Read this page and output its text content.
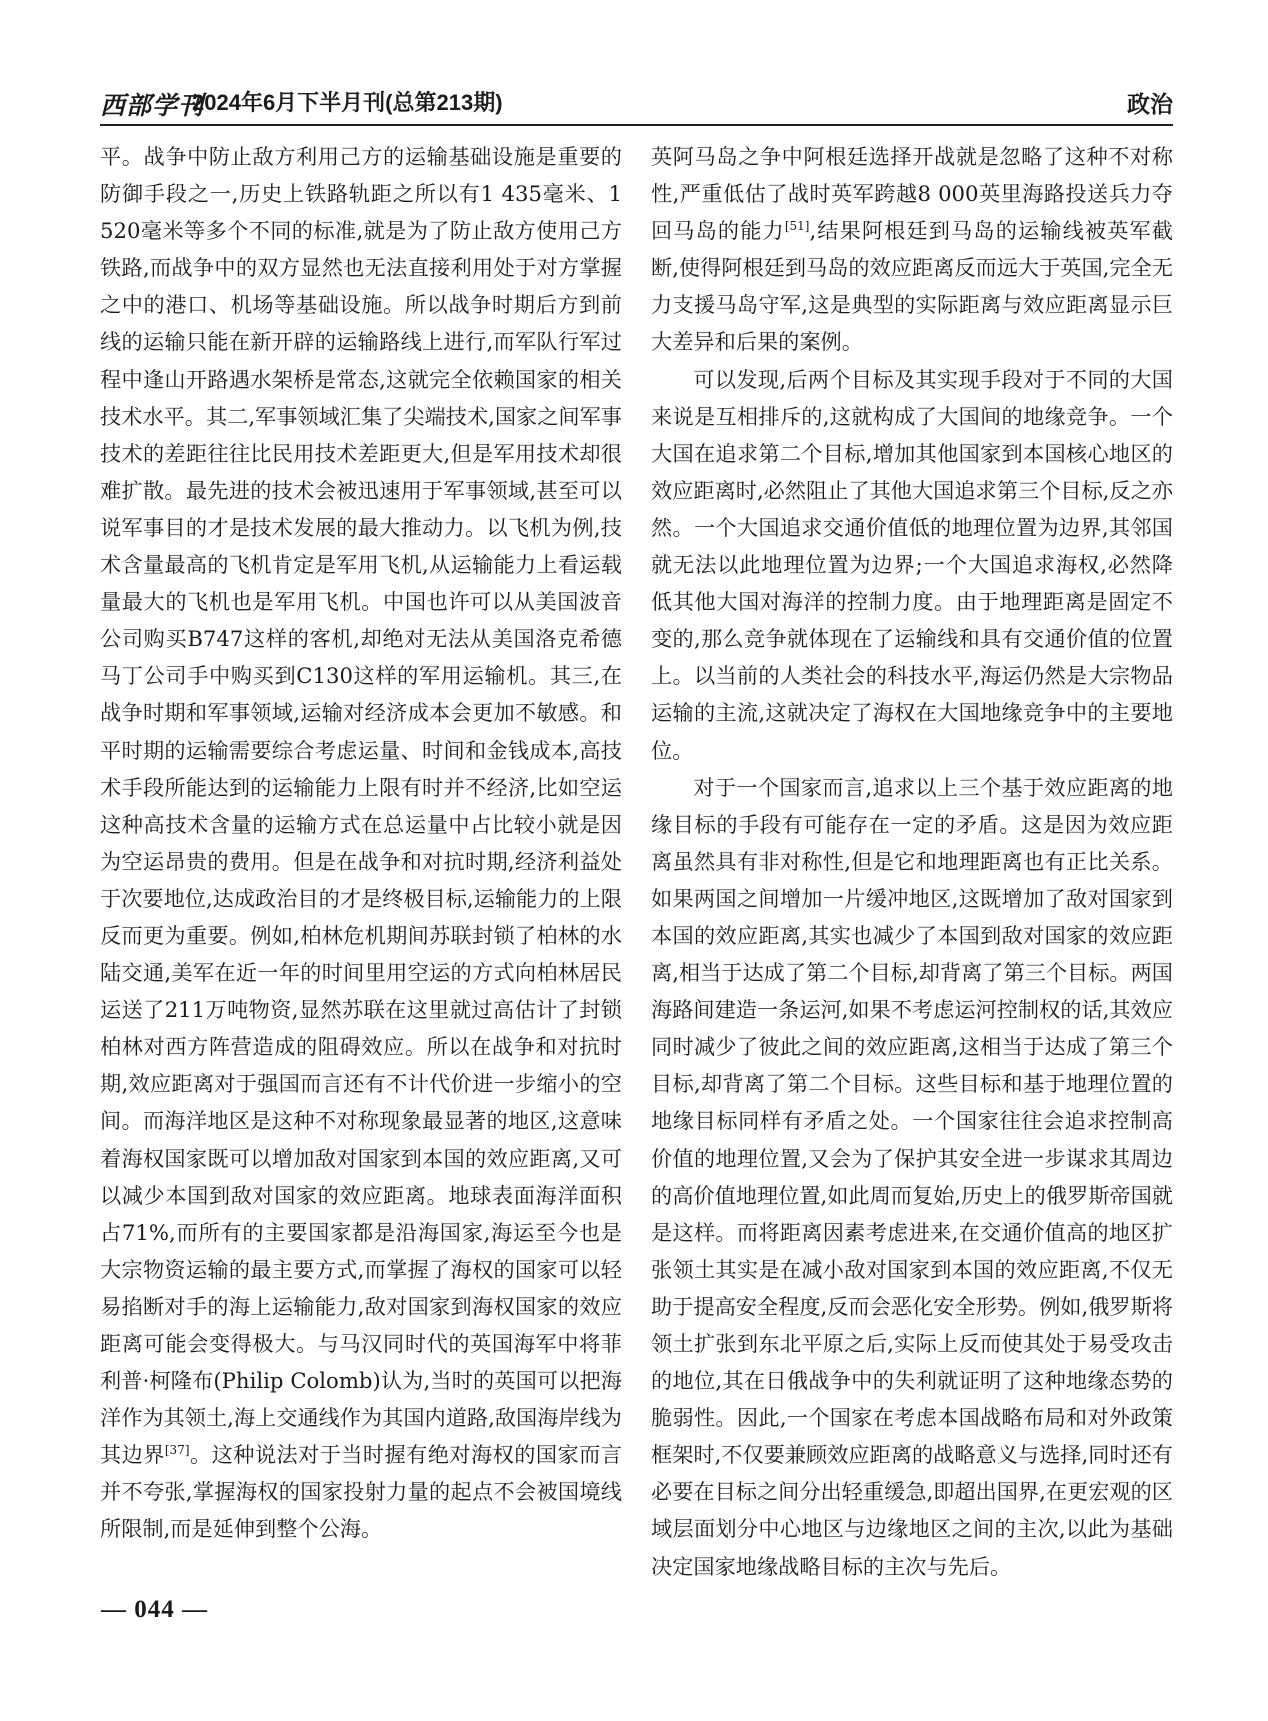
西部学刊
2024年6月下半月刊(总第213期)	政治

平。战争中防止敌方利用己方的运输基础设施是重要的防御手段之一,历史上铁路轨距之所以有1 435毫米、1 520毫米等多个不同的标准,就是为了防止敌方使用己方铁路,而战争中的双方显然也无法直接利用处于对方掌握之中的港口、机场等基础设施。所以战争时期后方到前线的运输只能在新开辟的运输路线上进行,而军队行军过程中逢山开路遇水架桥是常态,这就完全依赖国家的相关技术水平。其二,军事领域汇集了尖端技术,国家之间军事技术的差距往往比民用技术差距更大,但是军用技术却很难扩散。最先进的技术会被迅速用于军事领域,甚至可以说军事目的才是技术发展的最大推动力。以飞机为例,技术含量最高的飞机肯定是军用飞机,从运输能力上看运载量最大的飞机也是军用飞机。中国也许可以从美国波音公司购买B747这样的客机,却绝对无法从美国洛克希德马丁公司手中购买到C130这样的军用运输机。其三,在战争时期和军事领域,运输对经济成本会更加不敏感。和平时期的运输需要综合考虑运量、时间和金钱成本,高技术手段所能达到的运输能力上限有时并不经济,比如空运这种高技术含量的运输方式在总运量中占比较小就是因为空运昂贵的费用。但是在战争和对抗时期,经济利益处于次要地位,达成政治目的才是终极目标,运输能力的上限反而更为重要。例如,柏林危机期间苏联封锁了柏林的水陆交通,美军在近一年的时间里用空运的方式向柏林居民运送了211万吨物资,显然苏联在这里就过高估计了封锁柏林对西方阵营造成的阻碍效应。所以在战争和对抗时期,效应距离对于强国而言还有不计代价进一步缩小的空间。而海洋地区是这种不对称现象最显著的地区,这意味着海权国家既可以增加敌对国家到本国的效应距离,又可以减少本国到敌对国家的效应距离。地球表面海洋面积占71%,而所有的主要国家都是沿海国家,海运至今也是大宗物资运输的最主要方式,而掌握了海权的国家可以轻易掐断对手的海上运输能力,敌对国家到海权国家的效应距离可能会变得极大。与马汉同时代的英国海军中将菲利普·柯隆布(Philip Colomb)认为,当时的英国可以把海洋作为其领土,海上交通线作为其国内道路,敌国海岸线为其边界[37]。这种说法对于当时握有绝对海权的国家而言并不夸张,掌握海权的国家投射力量的起点不会被国境线所限制,而是延伸到整个公海。

英阿马岛之争中阿根廷选择开战就是忽略了这种不对称性,严重低估了战时英军跨越8 000英里海路投送兵力夺回马岛的能力[51],结果阿根廷到马岛的运输线被英军截断,使得阿根廷到马岛的效应距离反而远大于英国,完全无力支援马岛守军,这是典型的实际距离与效应距离显示巨大差异和后果的案例。

可以发现,后两个目标及其实现手段对于不同的大国来说是互相排斥的,这就构成了大国间的地缘竞争。一个大国在追求第二个目标,增加其他国家到本国核心地区的效应距离时,必然阻止了其他大国追求第三个目标,反之亦然。一个大国追求交通价值低的地理位置为边界,其邻国就无法以此地理位置为边界;一个大国追求海权,必然降低其他大国对海洋的控制力度。由于地理距离是固定不变的,那么竞争就体现在了运输线和具有交通价值的位置上。以当前的人类社会的科技水平,海运仍然是大宗物品运输的主流,这就决定了海权在大国地缘竞争中的主要地位。

对于一个国家而言,追求以上三个基于效应距离的地缘目标的手段有可能存在一定的矛盾。这是因为效应距离虽然具有非对称性,但是它和地理距离也有正比关系。如果两国之间增加一片缓冲地区,这既增加了敌对国家到本国的效应距离,其实也减少了本国到敌对国家的效应距离,相当于达成了第二个目标,却背离了第三个目标。两国海路间建造一条运河,如果不考虑运河控制权的话,其效应同时减少了彼此之间的效应距离,这相当于达成了第三个目标,却背离了第二个目标。这些目标和基于地理位置的地缘目标同样有矛盾之处。一个国家往往会追求控制高价值的地理位置,又会为了保护其安全进一步谋求其周边的高价值地理位置,如此周而复始,历史上的俄罗斯帝国就是这样。而将距离因素考虑进来,在交通价值高的地区扩张领土其实是在减小敌对国家到本国的效应距离,不仅无助于提高安全程度,反而会恶化安全形势。例如,俄罗斯将领土扩张到东北平原之后,实际上反而使其处于易受攻击的地位,其在日俄战争中的失利就证明了这种地缘态势的脆弱性。因此,一个国家在考虑本国战略布局和对外政策框架时,不仅要兼顾效应距离的战略意义与选择,同时还有必要在目标之间分出轻重缓急,即超出国界,在更宏观的区域层面划分中心地区与边缘地区之间的主次,以此为基础决定国家地缘战略目标的主次与先后。

— 044 —
